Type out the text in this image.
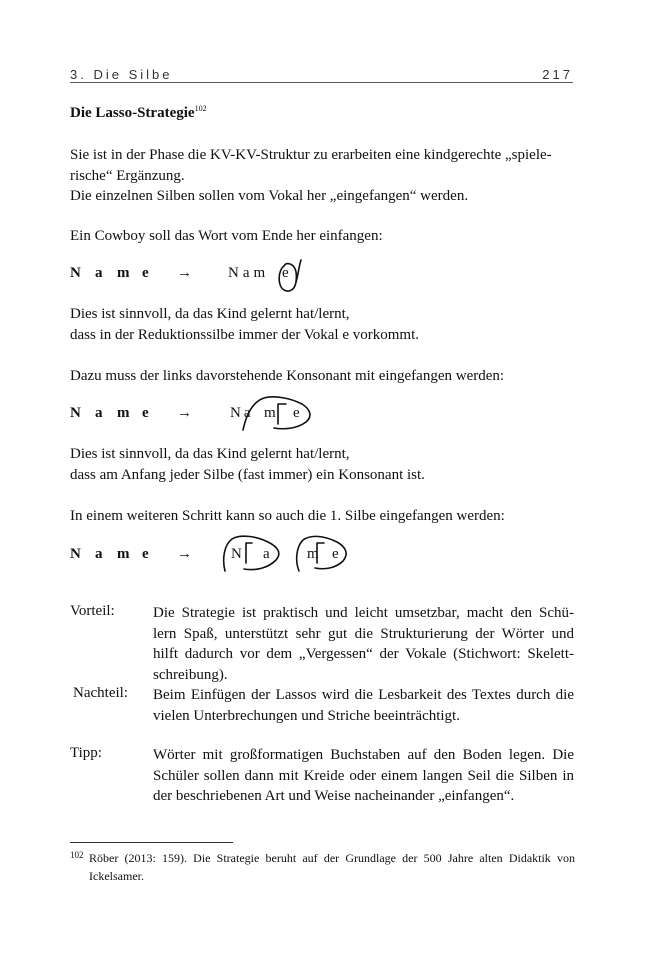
3. Die Silbe	217
Die Lasso-Strategie$^{102}$
Sie ist in der Phase die KV-KV-Struktur zu erarbeiten eine kindgerechte „spiele-
rische“ Ergänzung.
Die einzelnen Silben sollen vom Vokal her „eingefangen“ werden.
Ein Cowboy soll das Wort vom Ende her einfangen:
N a m e → Nam e
Dies ist sinnvoll, da das Kind gelernt hat/lernt,
dass in der Reduktionssilbe immer der Vokal e vorkommt.
Dazu muss der links davorstehende Konsonant mit eingefangen werden:
N a m e →	Na m e
Dies ist sinnvoll, da das Kind gelernt hat/lernt,
dass am Anfang jeder Silbe (fast immer) ein Konsonant ist.
In einem weiteren Schritt kann so auch die 1. Silbe eingefangen werden:
N a m e →	N a m e
Vorteil:	Die Strategie ist praktisch und leicht umsetzbar, macht den Schü-
lern Spaß, unterstützt sehr gut die Strukturierung der Wörter und
hilft dadurch vor dem „Vergessen“ der Vokale (Stichwort: Skelett-
schreibung).
Nachteil: Beim Einfügen der Lassos wird die Lesbarkeit des Textes durch die
vielen Unterbrechungen und Striche beeinträchtigt.
Tipp:	Wörter mit großformatigen Buchstaben auf den Boden legen. Die
Schüler sollen dann mit Kreide oder einem langen Seil die Silben in
der beschriebenen Art und Weise nacheinander „einfangen“.
102 Röber (2013: 159). Die Strategie beruht auf der Grundlage der 500 Jahre alten Didaktik von
Ickelsamer.
